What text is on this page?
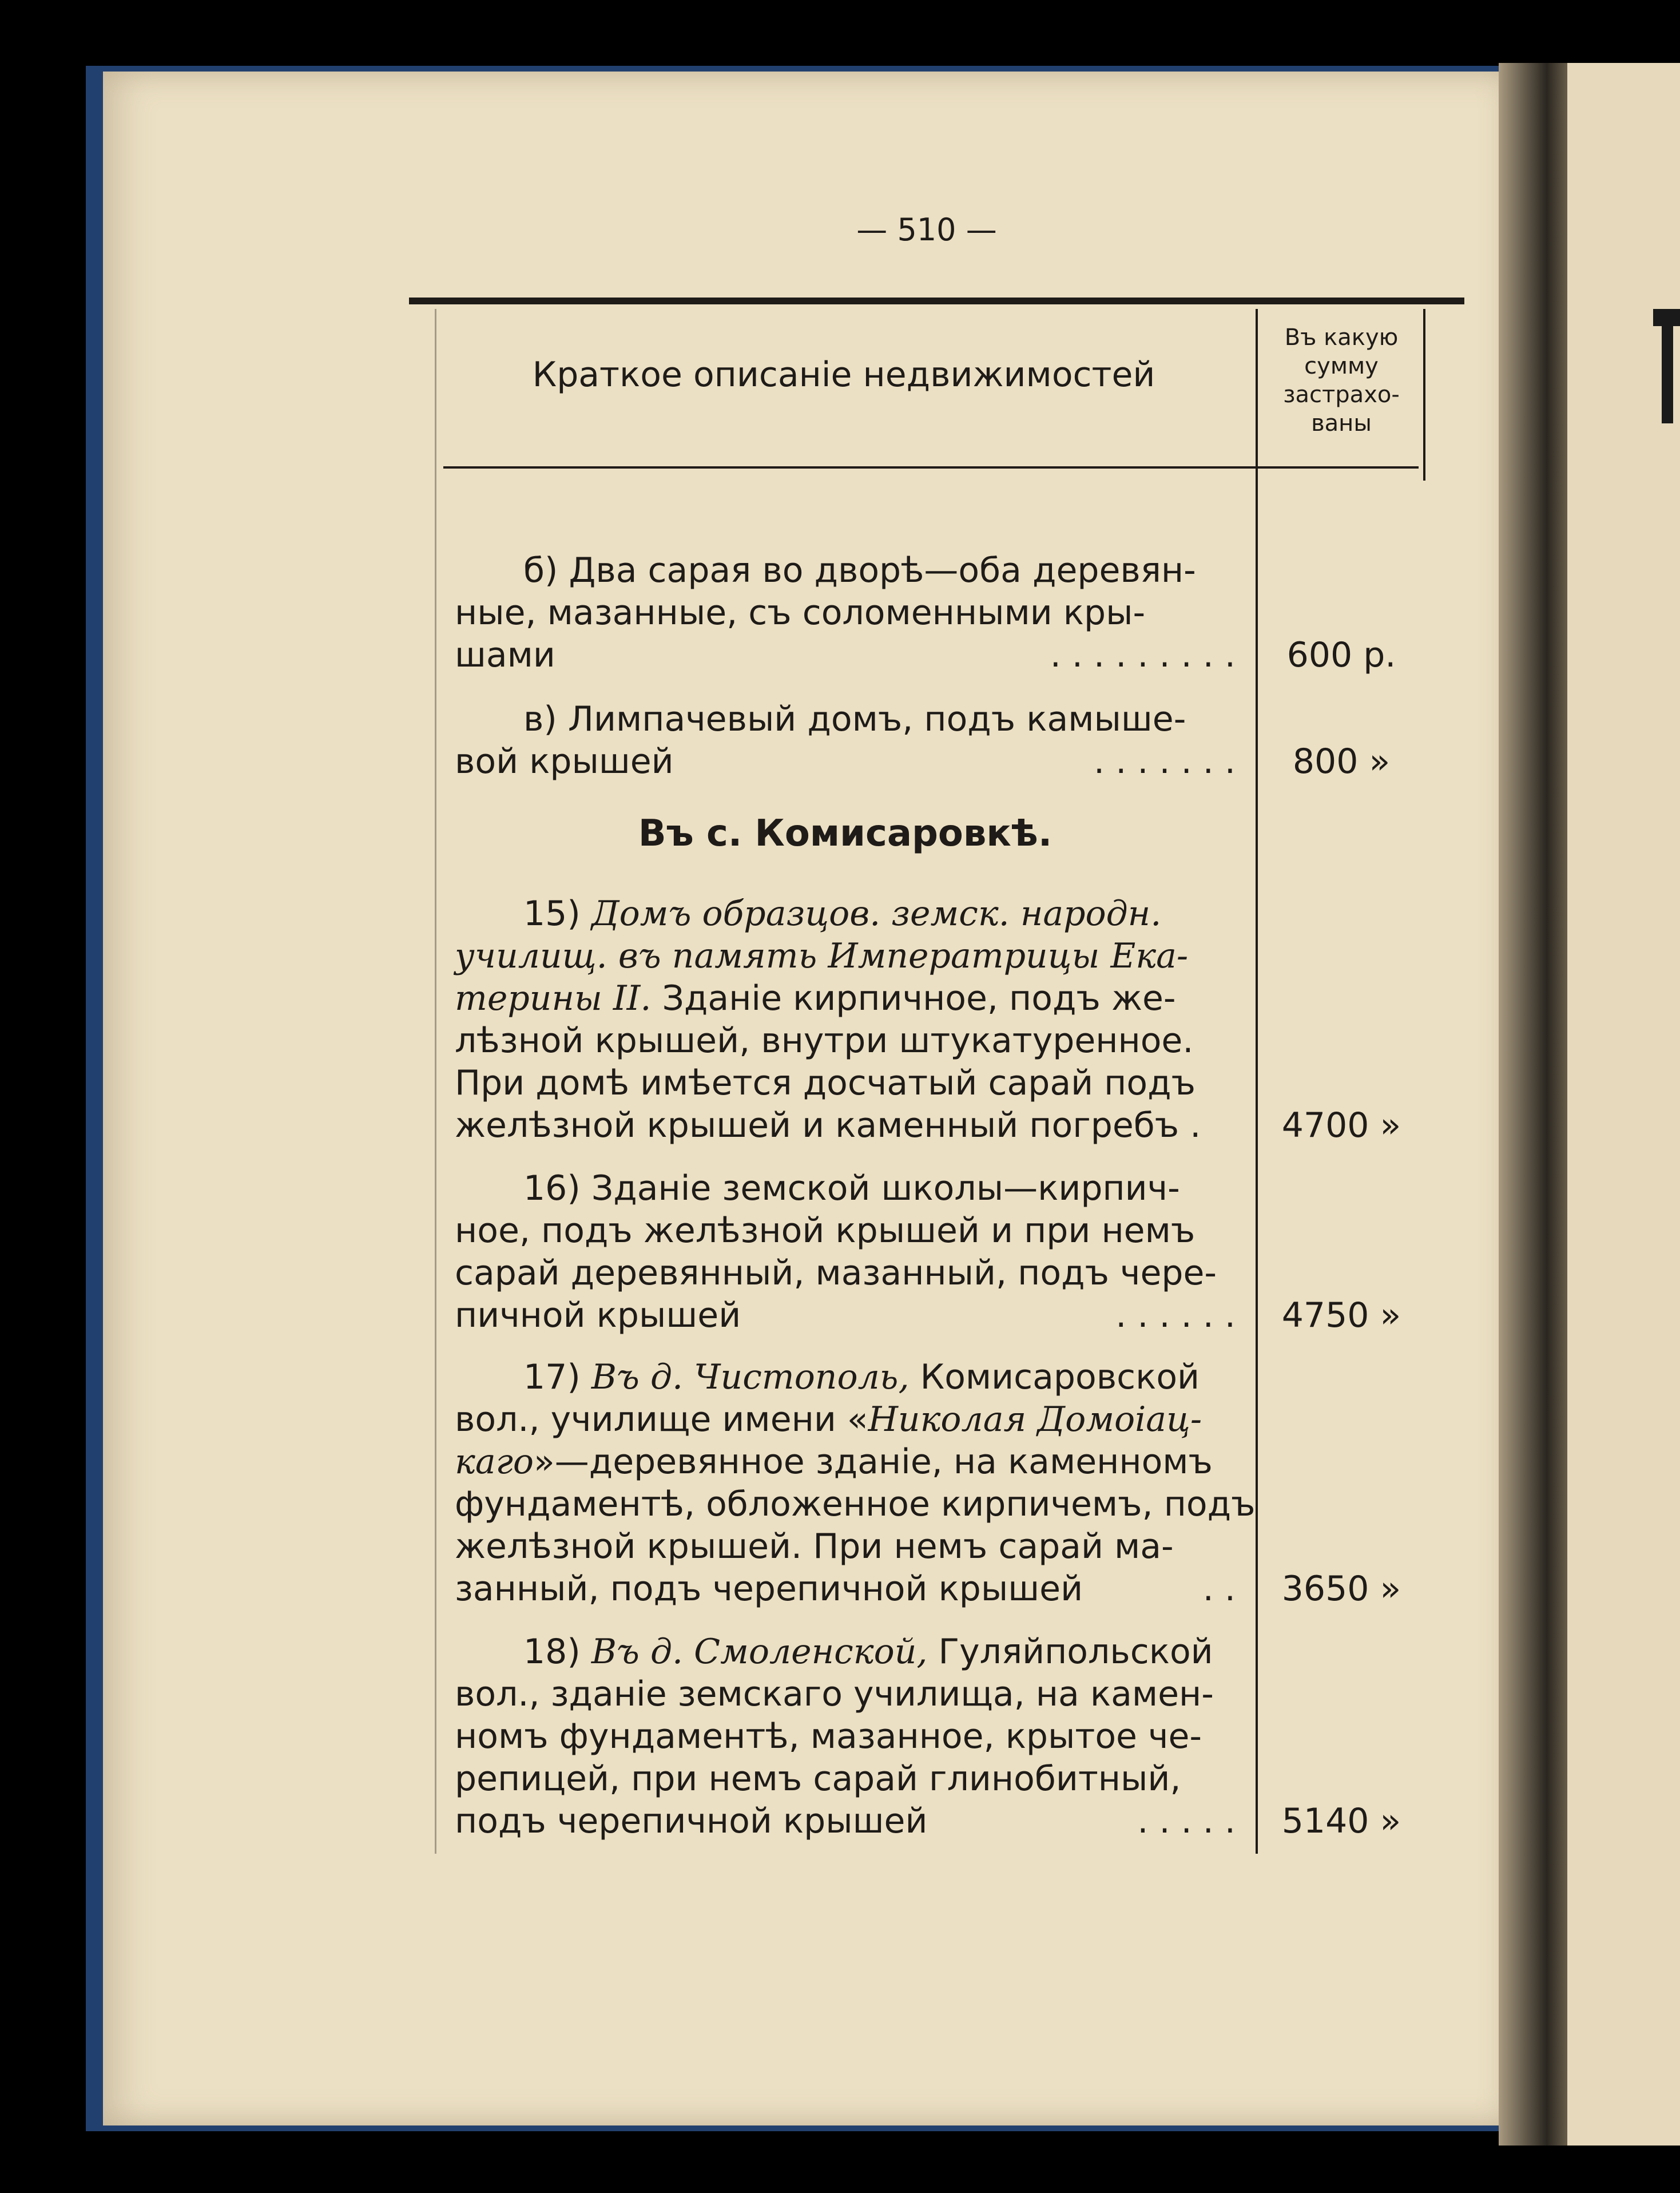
— 510 —
Краткое описанiе недвижимостей
Въ какую
сумму
застрахо-
ваны
б) Два сарая во дворѣ—оба деревян-
ные, мазанные, съ соломенными кры-
шами	. . . . . . . . .	600 р.
в) Лимпачевый домъ, подъ камыше-
вой крышей	. . . . . . .	800 »
Въ с. Комисаровкѣ.
15)
Домъ образцов. земск. народн.
училищ. въ память Императрицы Ека-
терины II.
Зданiе кирпичное, подъ же-
лѣзной крышей, внутри штукатуренное.
При домѣ имѣется досчатый сарай подъ
желѣзной крышей и каменный погребъ .	4700 »
16) Зданiе земской школы—кирпич-
ное, подъ желѣзной крышей и при немъ
сарай деревянный, мазанный, подъ чере-
пичной крышей	. . . . . .	4750 »
17)
Въ д. Чистополь,
Комисаровской
вол., училище имени « Николая Домоiац-
каго »—деревянное зданiе, на каменномъ
фундаментѣ, обложенное кирпичемъ, подъ
желѣзной крышей. При немъ сарай ма-
занный, подъ черепичной крышей	. .	3650 »
18)
Въ д. Смоленской,
Гуляйпольской
вол., зданiе земскаго училища, на камен-
номъ фундаментѣ, мазанное, крытое че-
репицей, при немъ сарай глинобитный,
подъ черепичной крышей	. . . . .	5140 »
